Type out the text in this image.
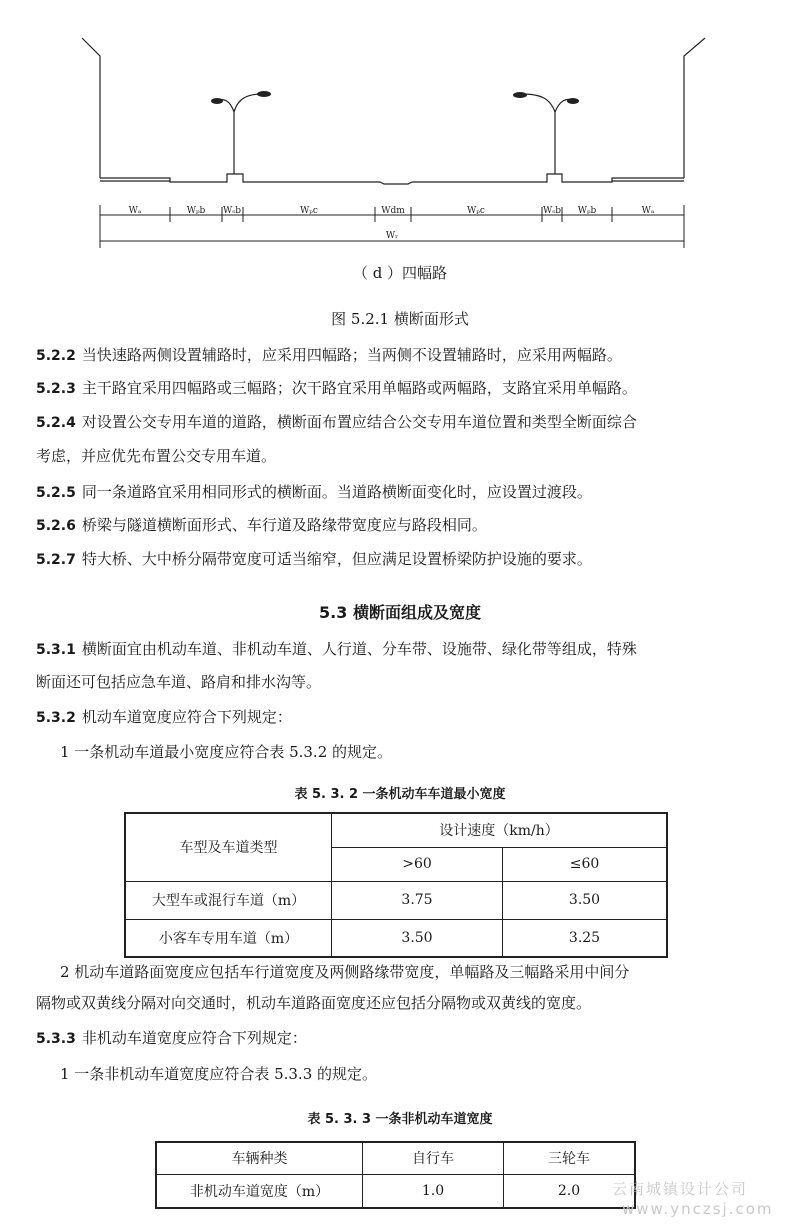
Wₐ	Wₚb Wₛb	Wₚc	Wdm	Wₚc	Wₛb Wₚb	Wₐ
Wᵣ
（ d ）四幅路
图 5.2.1 横断面形式
5.2.2 当快速路两侧设置辅路时，应采用四幅路；当两侧不设置辅路时，应采用两幅路。
5.2.3 主干路宜采用四幅路或三幅路；次干路宜采用单幅路或两幅路，支路宜采用单幅路。
5.2.4 对设置公交专用车道的道路，横断面布置应结合公交专用车道位置和类型全断面综合
考虑，并应优先布置公交专用车道。
5.2.5 同一条道路宜采用相同形式的横断面。当道路横断面变化时，应设置过渡段。
5.2.6 桥梁与隧道横断面形式、车行道及路缘带宽度应与路段相同。
5.2.7 特大桥、大中桥分隔带宽度可适当缩窄，但应满足设置桥梁防护设施的要求。
5.3 横断面组成及宽度
5.3.1 横断面宜由机动车道、非机动车道、人行道、分车带、设施带、绿化带等组成，特殊
断面还可包括应急车道、路肩和排水沟等。
5.3.2 机动车道宽度应符合下列规定：
1 一条机动车道最小宽度应符合表 5.3.2 的规定。
表 5. 3. 2 一条机动车车道最小宽度
车型及车道类型	设计速度（km/h）	
	>60	≤60
大型车或混行车道（m）	3.75	3.50
小客车专用车道（m）	3.50	3.25
2 机动车道路面宽度应包括车行道宽度及两侧路缘带宽度，单幅路及三幅路采用中间分
隔物或双黄线分隔对向交通时，机动车道路面宽度还应包括分隔物或双黄线的宽度。
5.3.3 非机动车道宽度应符合下列规定：
1 一条非机动车道宽度应符合表 5.3.3 的规定。
表 5. 3. 3 一条非机动车道宽度
车辆种类	自行车	三轮车
非机动车道宽度（m）	1.0	2.0 云南城镇设计公司
www.ynczsj.com
